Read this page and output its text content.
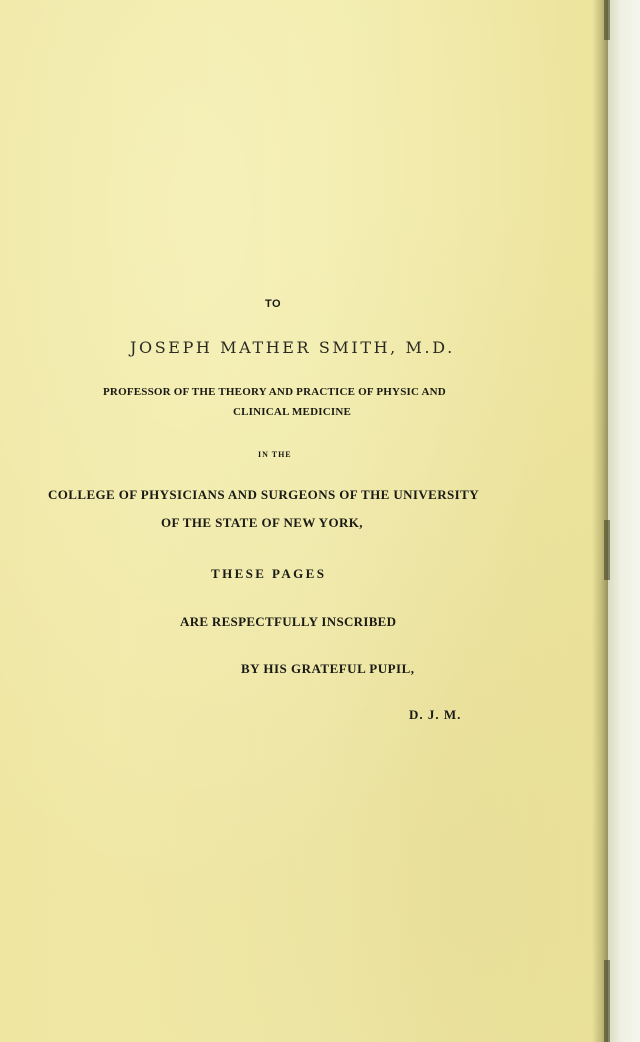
TO
JOSEPH MATHER SMITH, M.D.
PROFESSOR OF THE THEORY AND PRACTICE OF PHYSIC AND
CLINICAL MEDICINE
IN THE
COLLEGE OF PHYSICIANS AND SURGEONS OF THE UNIVERSITY
OF THE STATE OF NEW YORK,
THESE PAGES
ARE RESPECTFULLY INSCRIBED
BY HIS GRATEFUL PUPIL,
D. J. M.
